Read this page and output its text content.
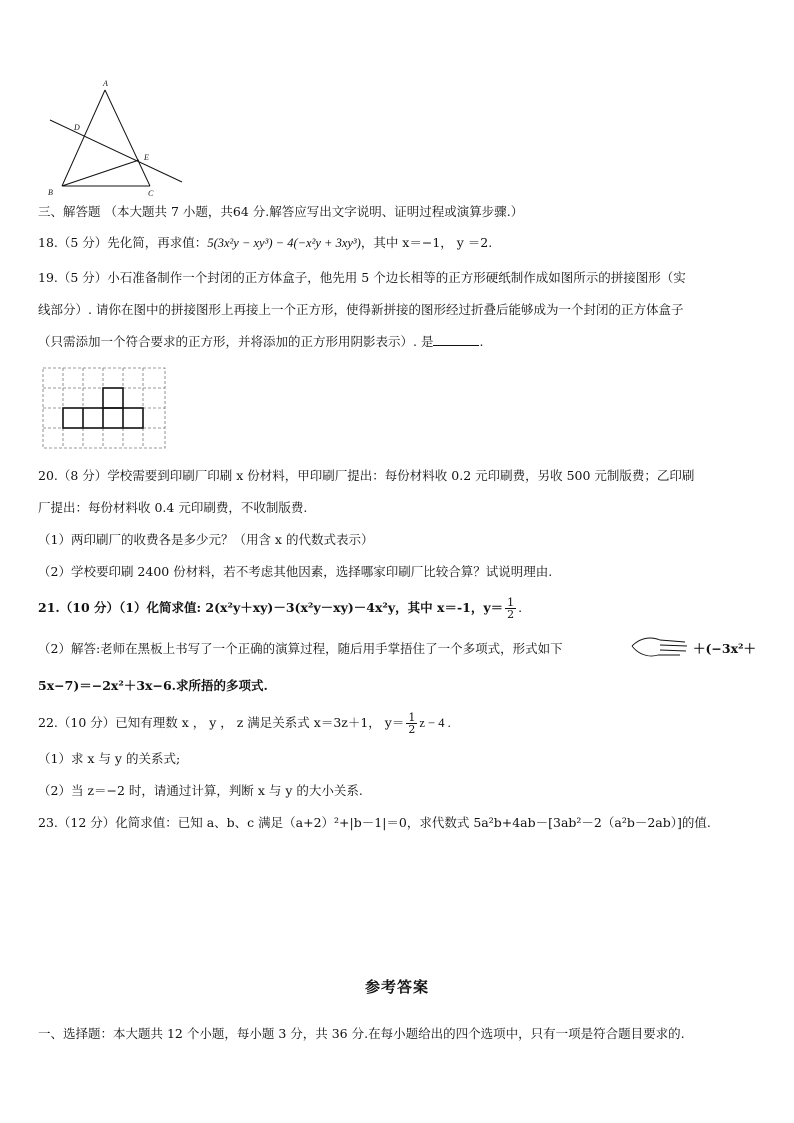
A
D
E
B	C
三、解答题 （本大题共 7 小题，共64 分.解答应写出文字说明、证明过程或演算步骤.）
18.（5 分）先化简，再求值：5(3x²y − xy³) − 4(−x²y + 3xy³)，其中 x＝−1， y ＝2.
19.（5 分）小石准备制作一个封闭的正方体盒子，他先用 5 个边长相等的正方形硬纸制作成如图所示的拼接图形（实
线部分）. 请你在图中的拼接图形上再接上一个正方形，使得新拼接的图形经过折叠后能够成为一个封闭的正方体盒子
（只需添加一个符合要求的正方形，并将添加的正方形用阴影表示）. 是	.
20.（8 分）学校需要到印刷厂印刷 x 份材料，甲印刷厂提出：每份材料收 0.2 元印刷费，另收 500 元制版费；乙印刷
厂提出：每份材料收 0.4 元印刷费，不收制版费.
（1）两印刷厂的收费各是多少元？（用含 x 的代数式表示）
（2）学校要印刷 2400 份材料，若不考虑其他因素，选择哪家印刷厂比较合算？试说明理由.
21.（10 分）（1）化简求值: 2(x²y＋xy)－3(x²y－xy)－4x²y，其中 x＝-1，$y= \frac{1}{2}$ .
（2）解答:老师在黑板上书写了一个正确的演算过程，随后用手掌捂住了一个多项式，形式如下	＋(−3x²＋
5x−7)＝−2x²＋3x−6.求所捂的多项式.
22.（10 分）已知有理数 x ， y ， z 满足关系式 x＝3z＋1， $y= \frac{1}{2}$ z − 4 .
（1）求 x 与 y 的关系式;
（2）当 z＝−2 时，请通过计算，判断 x 与 y 的大小关系.
23.（12 分）化简求值：已知 a、b、c 满足（a+2）²+|b－1|＝0，求代数式 5a²b+4ab－[3ab²－2（a²b－2ab）]的值.
参考答案
一、选择题：本大题共 12 个小题，每小题 3 分，共 36 分.在每小题给出的四个选项中，只有一项是符合题目要求的.
